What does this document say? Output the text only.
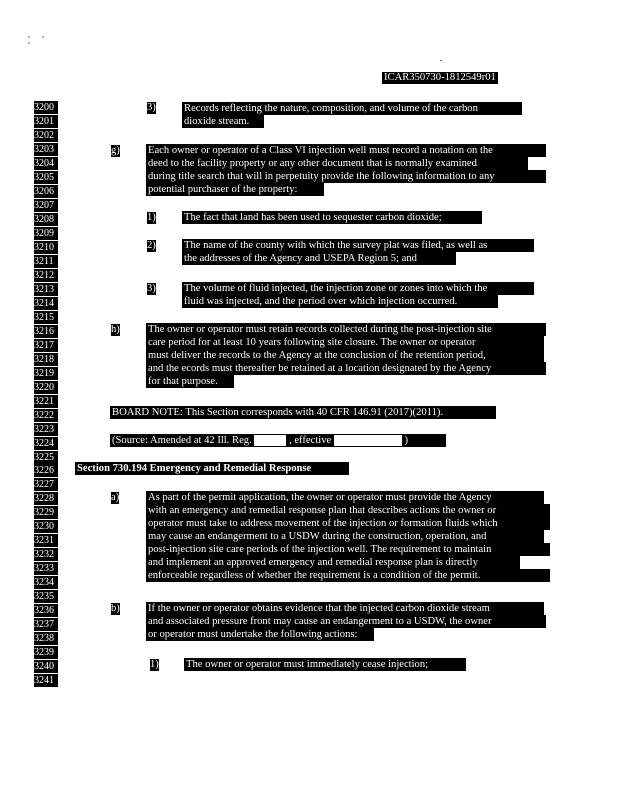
ICAR350730-1812549r01
3200
3201
3202
3203
3204
3205
3206
3207
3208
3209
3210
3211
3212
3213
3214
3215
3216
3217
3218
3219
3220
3221
3222
3223
3224
3225
3226
3227
3228
3229
3230
3231
3232
3233
3234
3235
3236
3237
3238
3239
3240
3241
3)	Records reflecting the nature, composition, and volume of the carbon
dioxide stream.
g)	Each owner or operator of a Class VI injection well must record a notation on the
deed to the facility property or any other document that is normally examined
during title search that will in perpetuity provide the following information to any
potential purchaser of the property:
1)	The fact that land has been used to sequester carbon dioxide;
2)	The name of the county with which the survey plat was filed, as well as
the addresses of the Agency and USEPA Region 5; and
3)	The volume of fluid injected, the injection zone or zones into which the
fluid was injected, and the period over which injection occurred.
h)	The owner or operator must retain records collected during the post-injection site
care period for at least 10 years following site closure. The owner or operator
must deliver the records to the Agency at the conclusion of the retention period,
and the ecords must thereafter be retained at a location designated by the Agency
for that purpose.
BOARD NOTE: This Section corresponds with 40 CFR 146.91 (2017)(2011).
(Source: Amended at 42 Ill. Reg.	, effective	)
Section 730.194 Emergency and Remedial Response
a)	As part of the permit application, the owner or operator must provide the Agency
with an emergency and remedial response plan that describes actions the owner or
operator must take to address movement of the injection or formation fluids which
may cause an endangerment to a USDW during the construction, operation, and
post-injection site care periods of the injection well. The requirement to maintain
and implement an approved emergency and remedial response plan is directly
enforceable regardless of whether the requirement is a condition of the permit.
b)	If the owner or operator obtains evidence that the injected carbon dioxide stream
and associated pressure front may cause an endangerment to a USDW, the owner
or operator must undertake the following actions:
1)	The owner or operator must immediately cease injection;
